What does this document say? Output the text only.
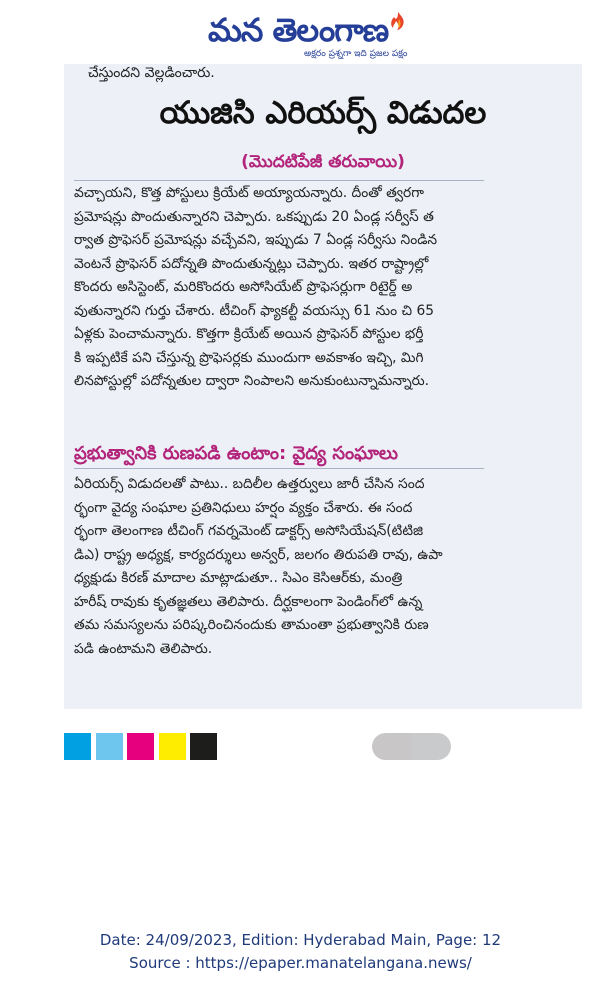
మన తెలంగాణ
అక్షరం ప్రశ్నగా ఇది ప్రజల పక్షం
చేస్తుందని వెల్లడించారు.
యుజిసి ఎరియర్స్ విడుదల
(మొదటిపేజీ తరువాయి)
వచ్చాయని, కొత్త పోస్టులు క్రియేట్ అయ్యాయన్నారు. దీంతో త్వరగా
ప్రమోషన్లు పొందుతున్నారని చెప్పారు. ఒకప్పుడు 20 ఏండ్ల సర్వీస్ త
ర్వాత ప్రొఫెసర్ ప్రమోషన్లు వచ్చేవని, ఇప్పుడు 7 ఏండ్ల సర్వీసు నిండిన
వెంటనే ప్రొఫెసర్ పదోన్నతి పొందుతున్నట్లు చెప్పారు. ఇతర రాష్ట్రాల్లో
కొందరు అసిస్టెంట్, మరికొందరు అసోసియేట్ ప్రొఫెసర్లుగా రిటైర్డ్ అ
వుతున్నారని గుర్తు చేశారు. టీచింగ్ ఫ్యాకల్టీ వయస్సు 61 నుం చి 65
ఏళ్లకు పెంచామన్నారు. కొత్తగా క్రియేట్ అయిన ప్రొఫెసర్ పోస్టుల భర్తీ
కి ఇప్పటికే పని చేస్తున్న ప్రొఫెసర్లకు ముందుగా అవకాశం ఇచ్చి, మిగి
లినపోస్టుల్లో పదోన్నతుల ద్వారా నింపాలని అనుకుంటున్నామన్నారు.
ప్రభుత్వానికి రుణపడి ఉంటాం: వైద్య సంఘాలు
ఏరియర్స్ విడుదలతో పాటు.. బదిలీల ఉత్తర్వులు జారీ చేసిన సంద
ర్భంగా వైద్య సంఘాల ప్రతినిధులు హర్షం వ్యక్తం చేశారు. ఈ సంద
ర్భంగా తెలంగాణ టీచింగ్ గవర్నమెంట్ డాక్టర్స్ అసోసియేషన్(టిటిజి
డిఎ) రాష్ట్ర అధ్యక్ష, కార్యదర్శులు అన్వర్, జలగం తిరుపతి రావు, ఉపా
ధ్యక్షుడు కిరణ్ మాదాల మాట్లాడుతూ.. సిఎం కెసిఆర్‌కు, మంత్రి
హరీష్ రావుకు కృతజ్ఞతలు తెలిపారు. దీర్ఘకాలంగా పెండింగ్‌లో ఉన్న
తమ సమస్యలను పరిష్కరించినందుకు తామంతా ప్రభుత్వానికి రుణ
పడి ఉంటామని తెలిపారు.
Date: 24/09/2023, Edition: Hyderabad Main, Page: 12
Source : https://epaper.manatelangana.news/
